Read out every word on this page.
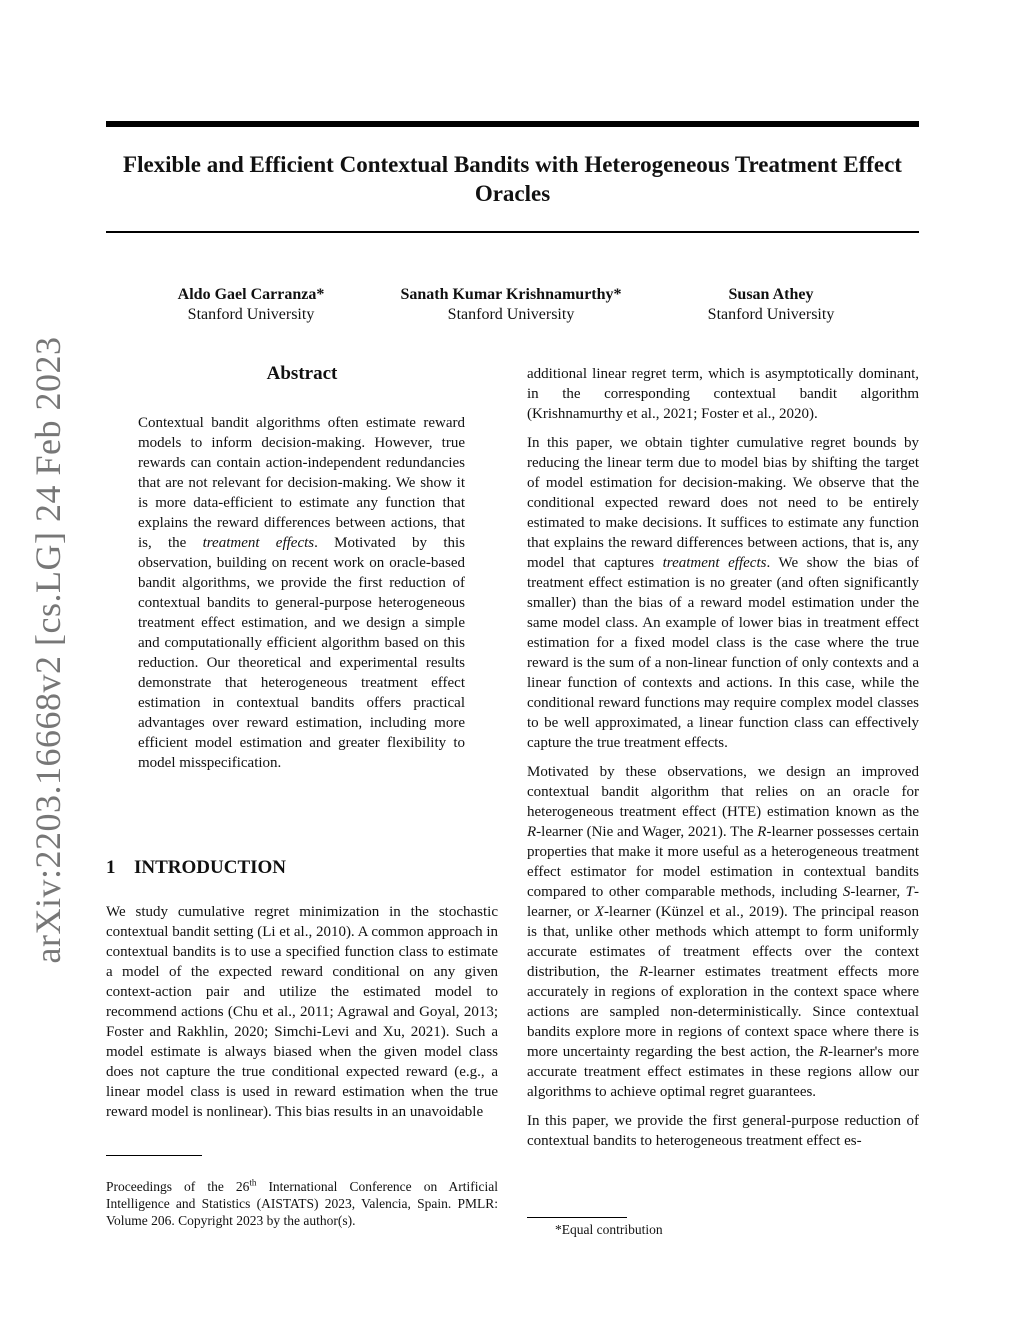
Flexible and Efficient Contextual Bandits with Heterogeneous Treatment Effect Oracles
Aldo Gael Carranza*
Stanford University
Sanath Kumar Krishnamurthy*
Stanford University
Susan Athey
Stanford University
arXiv:2203.16668v2 [cs.LG] 24 Feb 2023	Abstract

Contextual bandit algorithms often estimate reward models to inform decision-making. However, true rewards can contain action-independent redundancies that are not relevant for decision-making. We show it is more data-efficient to estimate any function that explains the reward differences between actions, that is, the treatment effects. Motivated by this observation, building on recent work on oracle-based bandit algorithms, we provide the first reduction of contextual bandits to general-purpose heterogeneous treatment effect estimation, and we design a simple and computationally efficient algorithm based on this reduction. Our theoretical and experimental results demonstrate that heterogeneous treatment effect estimation in contextual bandits offers practical advantages over reward estimation, including more efficient model estimation and greater flexibility to model misspecification.

1 INTRODUCTION

We study cumulative regret minimization in the stochastic contextual bandit setting (Li et al., 2010). A common approach in contextual bandits is to use a specified function class to estimate a model of the expected reward conditional on any given context-action pair and utilize the estimated model to recommend actions (Chu et al., 2011; Agrawal and Goyal, 2013; Foster and Rakhlin, 2020; Simchi-Levi and Xu, 2021). Such a model estimate is always biased when the given model class does not capture the true conditional expected reward (e.g., a linear model class is used in reward estimation when the true reward model is nonlinear). This bias results in an unavoidable

Proceedings of the 26th International Conference on Artificial Intelligence and Statistics (AISTATS) 2023, Valencia, Spain. PMLR: Volume 206. Copyright 2023 by the author(s).

additional linear regret term, which is asymptotically dominant, in the corresponding contextual bandit algorithm (Krishnamurthy et al., 2021; Foster et al., 2020).

In this paper, we obtain tighter cumulative regret bounds by reducing the linear term due to model bias by shifting the target of model estimation for decision-making. We observe that the conditional expected reward does not need to be entirely estimated to make decisions. It suffices to estimate any function that explains the reward differences between actions, that is, any model that captures treatment effects. We show the bias of treatment effect estimation is no greater (and often significantly smaller) than the bias of a reward model estimation under the same model class. An example of lower bias in treatment effect estimation for a fixed model class is the case where the true reward is the sum of a non-linear function of only contexts and a linear function of contexts and actions. In this case, while the conditional reward functions may require complex model classes to be well approximated, a linear function class can effectively capture the true treatment effects.

Motivated by these observations, we design an improved contextual bandit algorithm that relies on an oracle for heterogeneous treatment effect (HTE) estimation known as the R-learner (Nie and Wager, 2021). The R-learner possesses certain properties that make it more useful as a heterogeneous treatment effect estimator for model estimation in contextual bandits compared to other comparable methods, including S-learner, T-learner, or X-learner (Künzel et al., 2019). The principal reason is that, unlike other methods which attempt to form uniformly accurate estimates of treatment effects over the context distribution, the R-learner estimates treatment effects more accurately in regions of exploration in the context space where actions are sampled non-deterministically. Since contextual bandits explore more in regions of context space where there is more uncertainty regarding the best action, the R-learner's more accurate treatment effect estimates in these regions allow our algorithms to achieve optimal regret guarantees.

In this paper, we provide the first general-purpose reduction of contextual bandits to heterogeneous treatment effect es-

*Equal contribution
